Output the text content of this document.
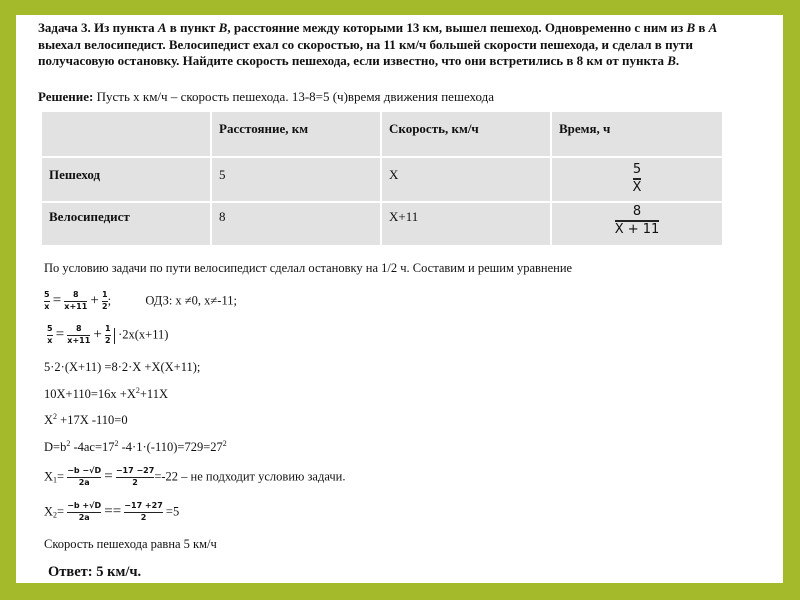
Задача 3. Из пункта A в пункт B, расстояние между которыми 13 км, вышел пешеход. Одновременно с ним из B в A выехал велосипедист. Велосипедист ехал со скоростью, на 11 км/ч большей скорости пешехода, и сделал в пути получасовую остановку. Найдите скорость пешехода, если известно, что они встретились в 8 км от пункта B.
Решение: Пусть х км/ч – скорость пешехода. 13-8=5 (ч)время движения пешехода
	Расстояние, км	Скорость, км/ч	Время, ч
Пешеход	5	X	$\frac{5}{X}$

Велосипедист	8	X+11	$\frac{8}{X + 11}$
По условию задачи по пути велосипедист сделал остановку на 1/2 ч. Составим и решим уравнение
$\frac{5}{x} = \frac{8}{x+11} + \frac{1}{2}$ ;	ОДЗ: х ≠0, х≠-11;
$\frac{5}{x} = \frac{8}{x+11} + \frac{1}{2} \cdot 2х(х+11)$
5·2·(X+11) =8·2·X +X(X+11);
$10X+110=16х +X^2+11X$
$X^2 +17X$ -110=0
$D=b^2$ $-4ac=17^2$ $-4\cdot 1\cdot(-110)=729=27^2$
$X_1= \frac{-b -√D}{2a} = \frac{-17 -27}{2} =-22$ – не подходит условию задачи.
$X_2= \frac{-b +√D}{2a} == \frac{-17 +27}{2} =5$
Скорость пешехода равна 5 км/ч
Ответ: 5 км/ч.
